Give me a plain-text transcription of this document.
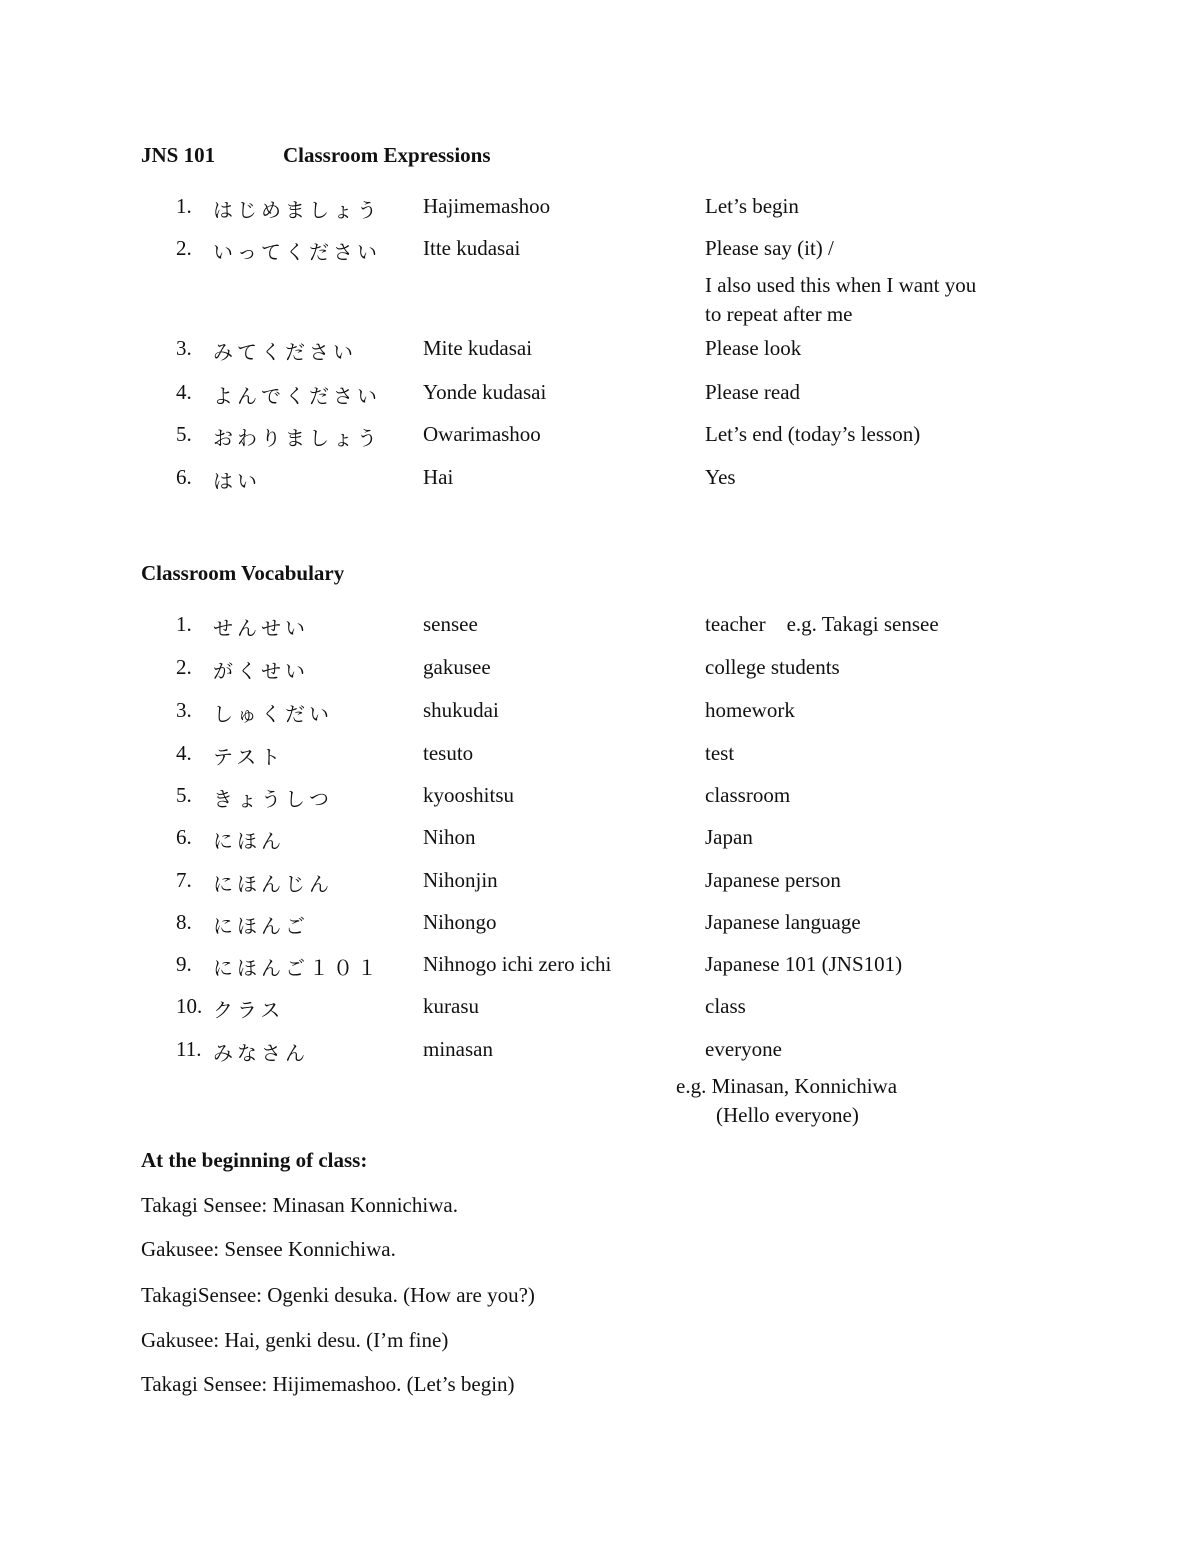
JNS 101	Classroom Expressions
1. はじめましょう Hajimemashoo	Let’s begin
2. いってください Itte kudasai	Please say (it) /
I also used this when I want you
to repeat after me
3. みてください	Mite kudasai	Please look
4. よんでください Yonde kudasai	Please read
5. おわりましょう Owarimashoo	Let’s end (today’s lesson)
6. はい	Hai	Yes
Classroom Vocabulary
1. せんせい	sensee	teacher    e.g. Takagi sensee
2. がくせい	gakusee	college students
3. しゅくだい	shukudai	homework
4. テスト	tesuto	test
5. きょうしつ	kyooshitsu	classroom
6. にほん	Nihon	Japan
7. にほんじん	Nihonjin	Japanese person
8. にほんご	Nihongo	Japanese language
9. にほんご１０１ Nihnogo ichi zero ichi	Japanese 101 (JNS101)
10. クラス	kurasu	class
11. みなさん	minasan	everyone
e.g. Minasan, Konnichiwa
(Hello everyone)
At the beginning of class:
Takagi Sensee: Minasan Konnichiwa.
Gakusee: Sensee Konnichiwa.
TakagiSensee: Ogenki desuka. (How are you?)
Gakusee: Hai, genki desu. (I’m fine)
Takagi Sensee: Hijimemashoo. (Let’s begin)
